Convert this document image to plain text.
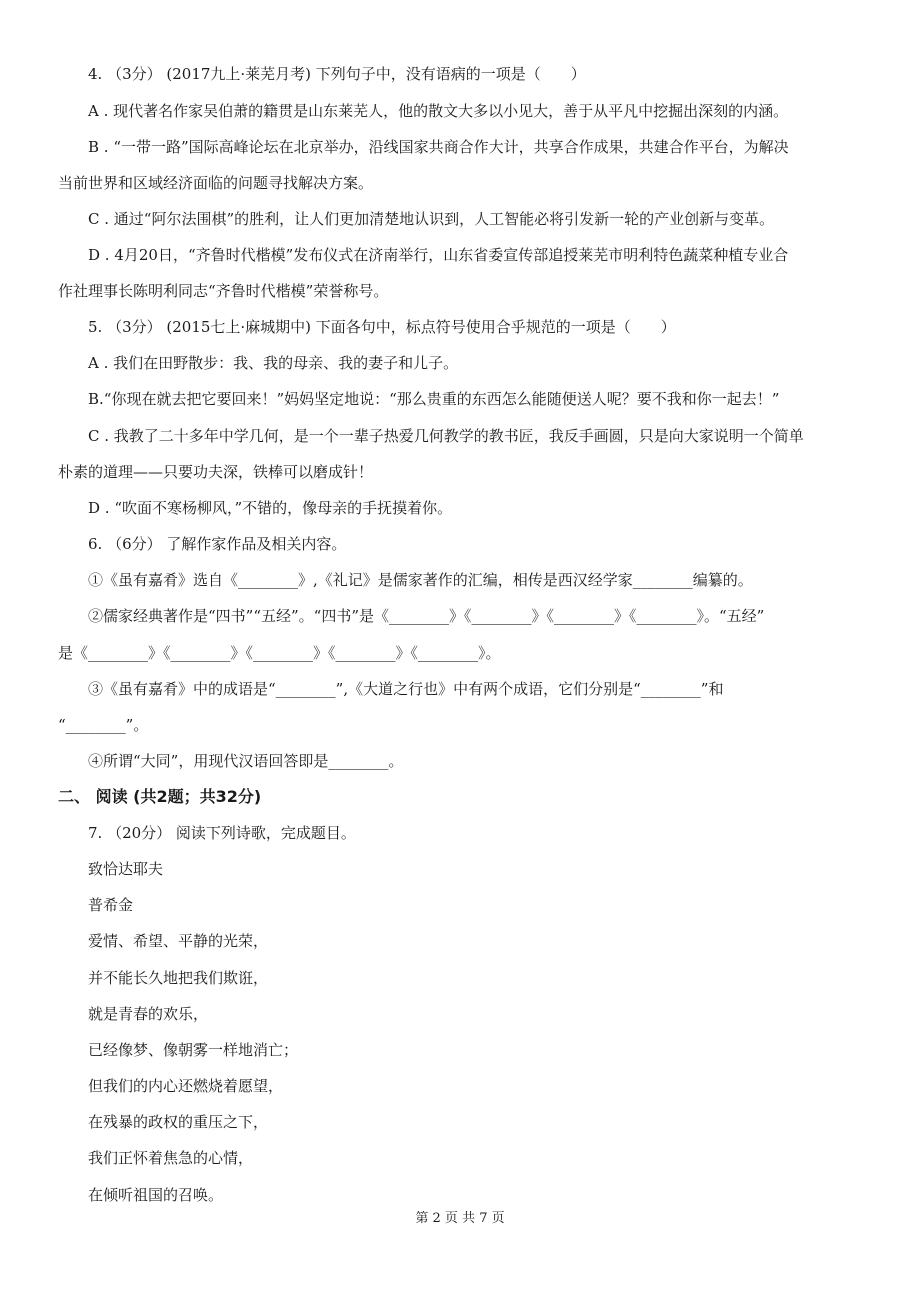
4. （3分） (2017九上·莱芜月考) 下列句子中，没有语病的一项是（　　）
A . 现代著名作家吴伯萧的籍贯是山东莱芜人，他的散文大多以小见大，善于从平凡中挖掘出深刻的内涵。
B . “一带一路”国际高峰论坛在北京举办，沿线国家共商合作大计，共享合作成果，共建合作平台，为解决
当前世界和区域经济面临的问题寻找解决方案。
C . 通过“阿尔法围棋”的胜利，让人们更加清楚地认识到，人工智能必将引发新一轮的产业创新与变革。
D . 4月20日，“齐鲁时代楷模”发布仪式在济南举行，山东省委宣传部追授莱芜市明利特色蔬菜种植专业合
作社理事长陈明利同志“齐鲁时代楷模”荣誉称号。
5. （3分） (2015七上·麻城期中) 下面各句中，标点符号使用合乎规范的一项是（　　）
A . 我们在田野散步：我、我的母亲、我的妻子和儿子。
B.“你现在就去把它要回来！”妈妈坚定地说：“那么贵重的东西怎么能随便送人呢？要不我和你一起去！”
C . 我教了二十多年中学几何，是一个一辈子热爱几何教学的教书匠，我反手画圆，只是向大家说明一个简单
朴素的道理——只要功夫深，铁棒可以磨成针！
D . “吹面不寒杨柳风，”不错的，像母亲的手抚摸着你。
6. （6分） 了解作家作品及相关内容。
①《虽有嘉肴》选自《________》,《礼记》是儒家著作的汇编，相传是西汉经学家________编纂的。
②儒家经典著作是“四书”“五经”。“四书”是《________》《________》《________》《________》。“五经”
是《________》《________》《________》《________》《________》。
③《虽有嘉肴》中的成语是“________”,《大道之行也》中有两个成语，它们分别是“________”和
“________”。
④所谓“大同”，用现代汉语回答即是________。
二、 阅读 (共2题；共32分)
7. （20分） 阅读下列诗歌，完成题目。
致恰达耶夫
普希金
爱情、希望、平静的光荣，
并不能长久地把我们欺诳，
就是青春的欢乐，
已经像梦、像朝雾一样地消亡；
但我们的内心还燃烧着愿望，
在残暴的政权的重压之下，
我们正怀着焦急的心情，
在倾听祖国的召唤。
第 2 页 共 7 页
